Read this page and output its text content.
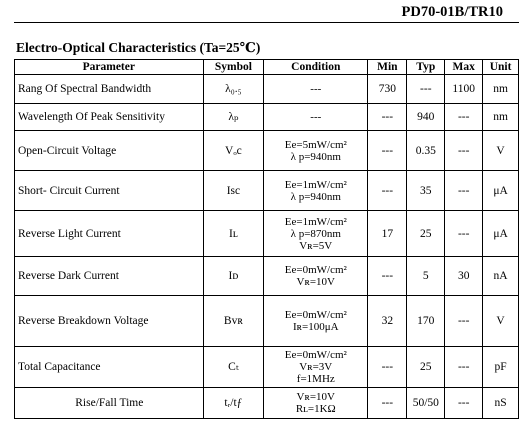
PD70-01B/TR10
Electro-Optical Characteristics (Ta=25℃)
Parameter	Symbol	Condition	Min	Typ	Max	Unit
Rang Of Spectral Bandwidth	λ₀.₅	---	730	---	1100	nm
Wavelength Of Peak Sensitivity	λₚ	---	---	940	---	nm
Open-Circuit Voltage	Vₒc	Ee=5mW/cm²
λ p=940nm	---	0.35	---	V
Short- Circuit Current	Isc	Ee=1mW/cm²
λ p=940nm	---	35	---	μA
Reverse Light Current	Iʟ	Ee=1mW/cm²
λ p=870nm
Vʀ=5V	17	25	---	μA
Reverse Dark Current	Iᴅ	Ee=0mW/cm²
Vʀ=10V	---	5	30	nA
Reverse Breakdown Voltage	Bᴠʀ	Ee=0mW/cm²
Iʀ=100μA	32	170	---	V
Total Capacitance	Cₜ	Ee=0mW/cm²
Vʀ=3V
f=1MHz	---	25	---	pF
Rise/Fall Time	tᵣ/tƒ	Vʀ=10V
Rʟ=1KΩ	---	50/50	---	nS
